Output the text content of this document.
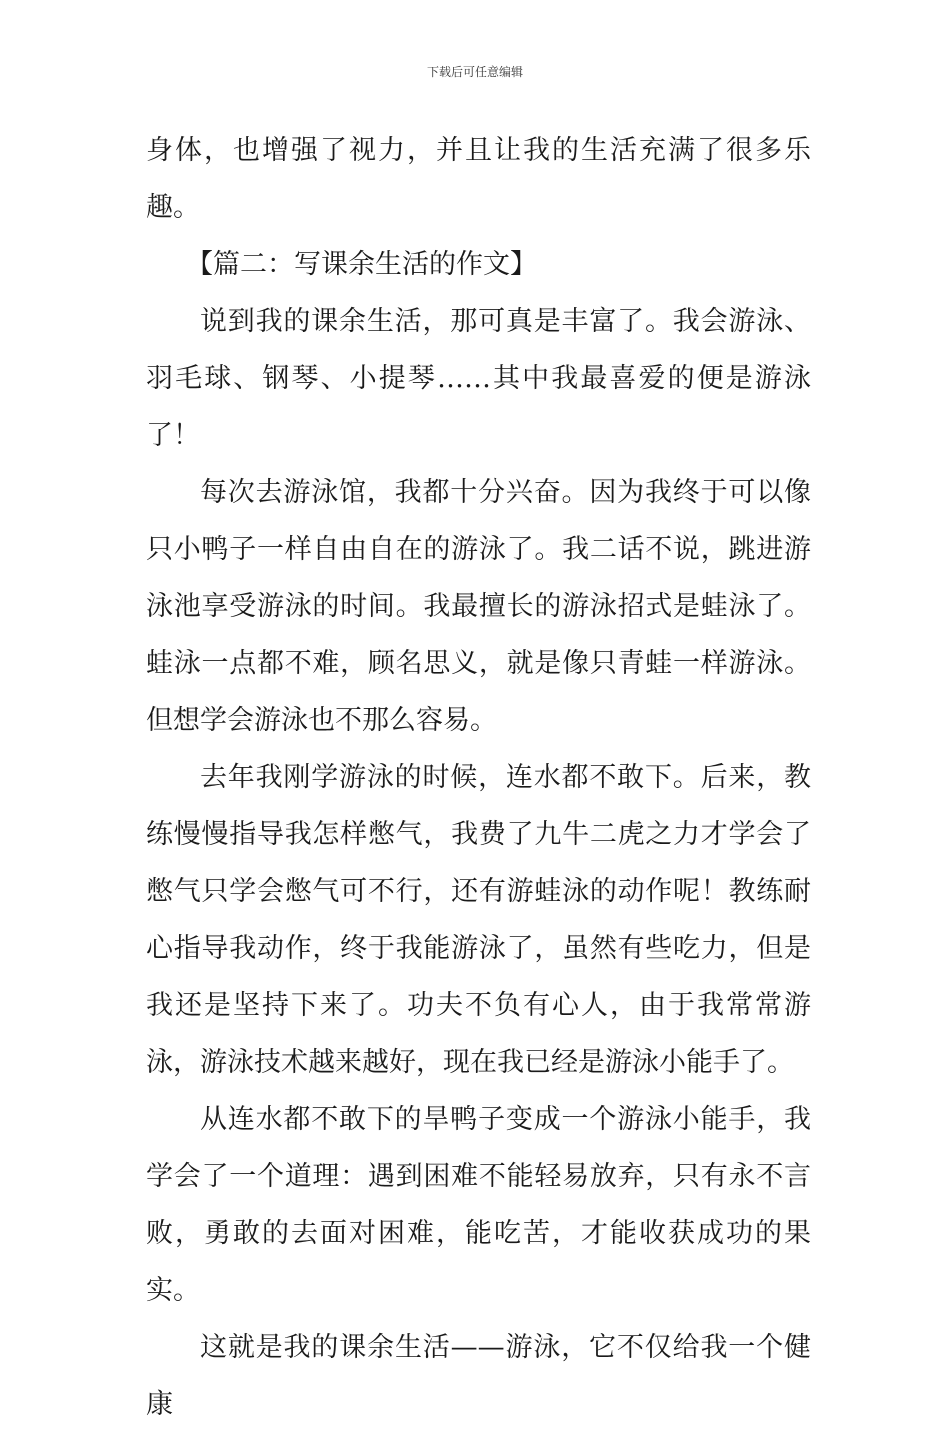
下载后可任意编辑

身体，也增强了视力，并且让我的生活充满了很多乐趣。

【篇二：写课余生活的作文】

说到我的课余生活，那可真是丰富了。我会游泳、羽毛球、钢琴、小提琴……其中我最喜爱的便是游泳了！

每次去游泳馆，我都十分兴奋。因为我终于可以像只小鸭子一样自由自在的游泳了。我二话不说，跳进游泳池享受游泳的时间。我最擅长的游泳招式是蛙泳了。蛙泳一点都不难，顾名思义，就是像只青蛙一样游泳。但想学会游泳也不那么容易。

去年我刚学游泳的时候，连水都不敢下。后来，教练慢慢指导我怎样憋气，我费了九牛二虎之力才学会了憋气只学会憋气可不行，还有游蛙泳的动作呢！教练耐心指导我动作，终于我能游泳了，虽然有些吃力，但是我还是坚持下来了。功夫不负有心人，由于我常常游泳，游泳技术越来越好，现在我已经是游泳小能手了。

从连水都不敢下的旱鸭子变成一个游泳小能手，我学会了一个道理：遇到困难不能轻易放弃，只有永不言败，勇敢的去面对困难，能吃苦，才能收获成功的果实。

这就是我的课余生活——游泳，它不仅给我一个健康
